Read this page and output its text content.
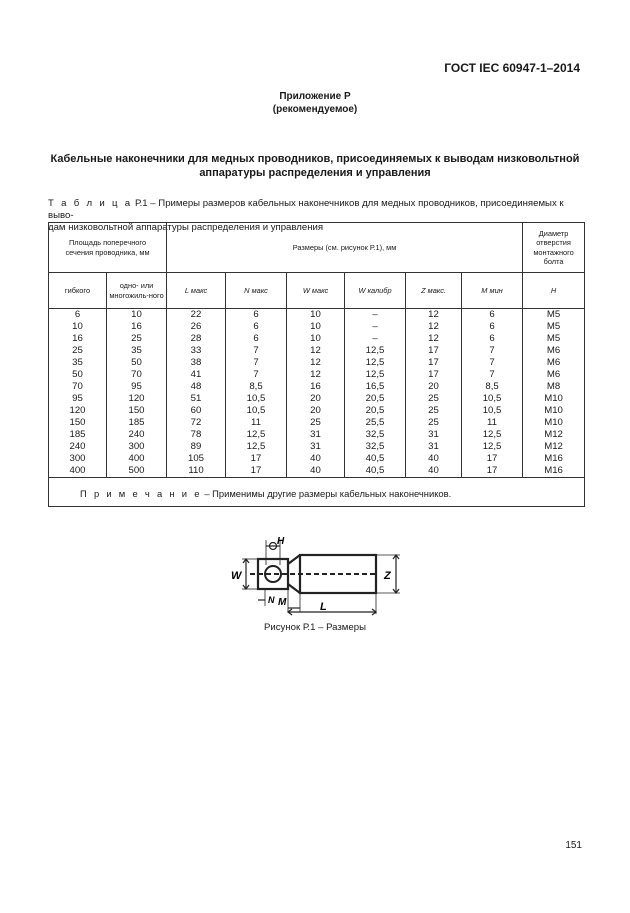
ГОСТ IEC 60947-1–2014
Приложение Р
(рекомендуемое)
Кабельные наконечники для медных проводников, присоединяемых к выводам низковольтной
аппаратуры распределения и управления
Т а б л и ц а Р.1 – Примеры размеров кабельных наконечников для медных проводников, присоединяемых к выво-
дам низковольтной аппаратуры распределения и управления
Площадь поперечного сечения проводника, мм		Размеры (см. рисунок Р.1), мм						Диаметр отверстия монтажного болта
гибкого	одно- или многожиль-ного	L макс	N макс	W макс	W калибр	Z макс.	M мин	H
6	10	22	6	10	–	12	6	M5
10	16	26	6	10	–	12	6	M5
16	25	28	6	10	–	12	6	M5
25	35	33	7	12	12,5	17	7	M6
35	50	38	7	12	12,5	17	7	M6
50	70	41	7	12	12,5	17	7	M6
70	95	48	8,5	16	16,5	20	8,5	M8
95	120	51	10,5	20	20,5	25	10,5	M10
120	150	60	10,5	20	20,5	25	10,5	M10
150	185	72	11	25	25,5	25	11	M10
185	240	78	12,5	31	32,5	31	12,5	M12
240	300	89	12,5	31	32,5	31	12,5	M12
300	400	105	17	40	40,5	40	17	M16
400	500	110	17	40	40,5	40	17	M16
П р и м е ч а н и е – Применимы другие размеры кабельных наконечников.								
W
H
Z
N M	L
Рисунок Р.1 – Размеры
151
